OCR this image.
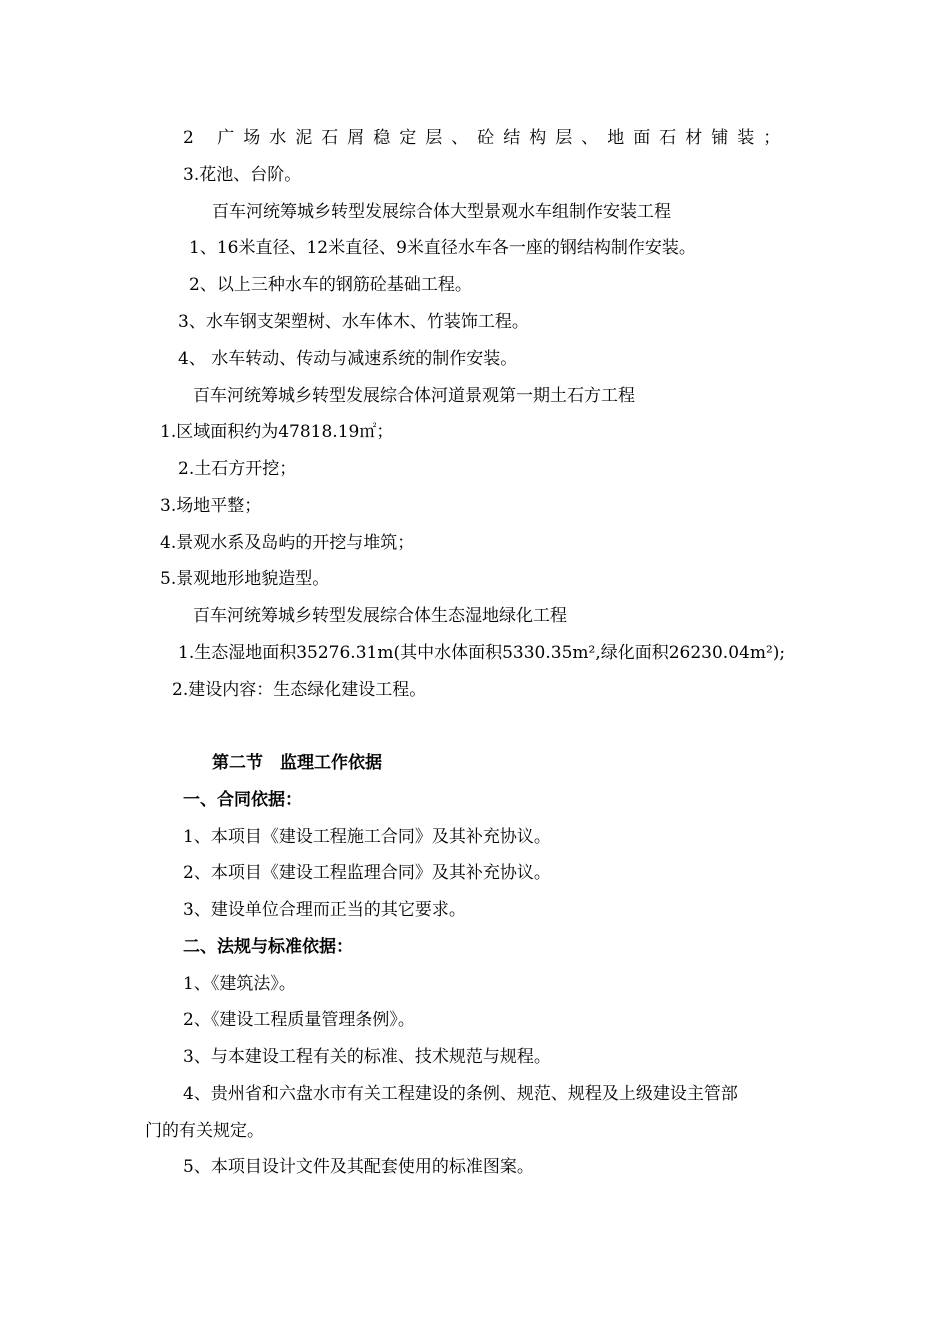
2 广场水泥石屑稳定层、砼结构层、地面石材铺装；
3.花池、台阶。
百车河统筹城乡转型发展综合体大型景观水车组制作安装工程
1、16米直径、12米直径、9米直径水车各一座的钢结构制作安装。
2、以上三种水车的钢筋砼基础工程。
3、水车钢支架塑树、水车体木、竹装饰工程。
4、 水车转动、传动与减速系统的制作安装。
百车河统筹城乡转型发展综合体河道景观第一期土石方工程
1.区域面积约为47818.19㎡；
2.土石方开挖；
3.场地平整；
4.景观水系及岛屿的开挖与堆筑；
5.景观地形地貌造型。
百车河统筹城乡转型发展综合体生态湿地绿化工程
1.生态湿地面积35276.31m(其中水体面积5330.35m²,绿化面积26230.04m²);
2.建设内容：生态绿化建设工程。
第二节　监理工作依据
一、合同依据：
1、本项目《建设工程施工合同》及其补充协议。
2、本项目《建设工程监理合同》及其补充协议。
3、建设单位合理而正当的其它要求。
二、法规与标准依据：
1、《建筑法》。
2、《建设工程质量管理条例》。
3、与本建设工程有关的标准、技术规范与规程。
4、贵州省和六盘水市有关工程建设的条例、规范、规程及上级建设主管部
门的有关规定。
5、本项目设计文件及其配套使用的标准图案。
